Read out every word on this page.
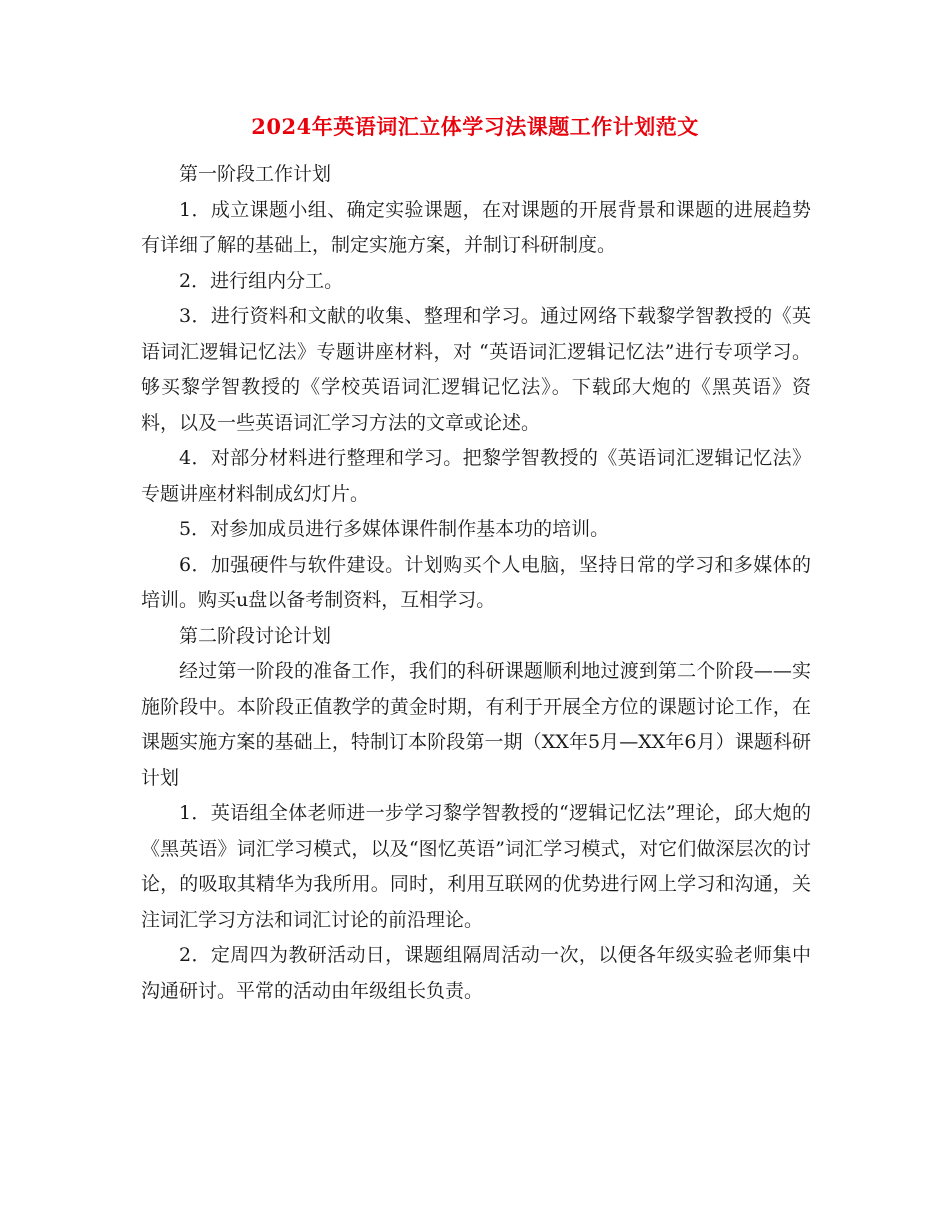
2024年英语词汇立体学习法课题工作计划范文

第一阶段工作计划

1．成立课题小组、确定实验课题，在对课题的开展背景和课题的进展趋势有详细了解的基础上，制定实施方案，并制订科研制度。

2．进行组内分工。

3．进行资料和文献的收集、整理和学习。通过网络下载黎学智教授的《英语词汇逻辑记忆法》专题讲座材料，对 “英语词汇逻辑记忆法”进行专项学习。够买黎学智教授的《学校英语词汇逻辑记忆法》。下载邱大炮的《黑英语》资料，以及一些英语词汇学习方法的文章或论述。

4．对部分材料进行整理和学习。把黎学智教授的《英语词汇逻辑记忆法》专题讲座材料制成幻灯片。

5．对参加成员进行多媒体课件制作基本功的培训。

6．加强硬件与软件建设。计划购买个人电脑，坚持日常的学习和多媒体的培训。购买u盘以备考制资料，互相学习。

第二阶段讨论计划

经过第一阶段的准备工作，我们的科研课题顺利地过渡到第二个阶段——实施阶段中。本阶段正值教学的黄金时期，有利于开展全方位的课题讨论工作，在课题实施方案的基础上，特制订本阶段第一期（XX年5月—XX年6月）课题科研计划

1．英语组全体老师进一步学习黎学智教授的“逻辑记忆法”理论，邱大炮的《黑英语》词汇学习模式，以及“图忆英语”词汇学习模式，对它们做深层次的讨论，的吸取其精华为我所用。同时，利用互联网的优势进行网上学习和沟通，关注词汇学习方法和词汇讨论的前沿理论。

2．定周四为教研活动日，课题组隔周活动一次，以便各年级实验老师集中沟通研讨。平常的活动由年级组长负责。
